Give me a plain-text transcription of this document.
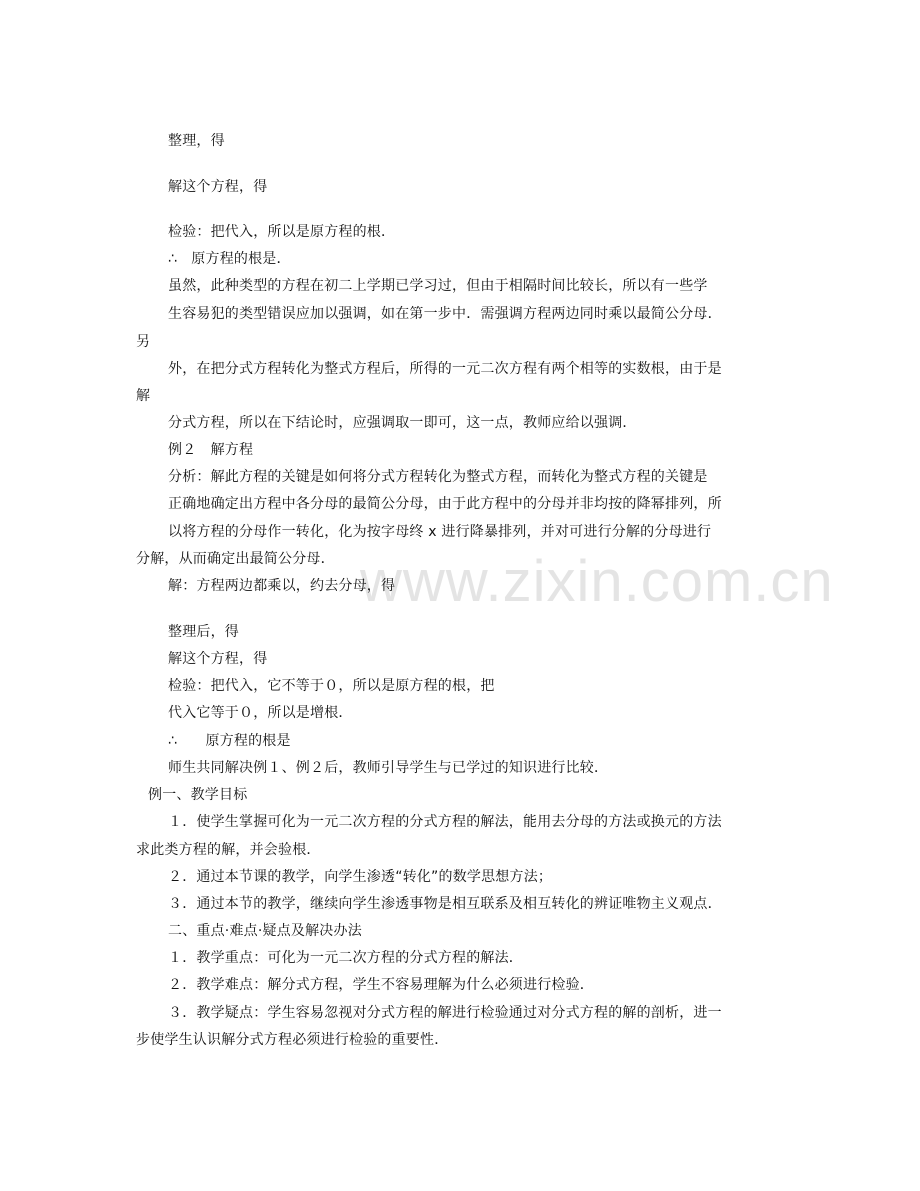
www.zixin.com.cn
整理，得
解这个方程，得
检验：把代入，所以是原方程的根．
∴　原方程的根是．
虽然，此种类型的方程在初二上学期已学习过，但由于相隔时间比较长，所以有一些学
生容易犯的类型错误应加以强调，如在第一步中．需强调方程两边同时乘以最简公分母．
另
外，在把分式方程转化为整式方程后，所得的一元二次方程有两个相等的实数根，由于是
解
分式方程，所以在下结论时，应强调取一即可，这一点，教师应给以强调．
例２　解方程
分析：解此方程的关键是如何将分式方程转化为整式方程，而转化为整式方程的关键是
正确地确定出方程中各分母的最简公分母，由于此方程中的分母并非均按的降幂排列，所
以将方程的分母作一转化，化为按字母终 x 进行降暴排列，并对可进行分解的分母进行
分解，从而确定出最简公分母．
解：方程两边都乘以，约去分母，得
整理后，得
解这个方程，得
检验：把代入，它不等于０，所以是原方程的根，把
代入它等于０，所以是增根．
∴　　原方程的根是
师生共同解决例１、例２后，教师引导学生与已学过的知识进行比较．
例一、教学目标
１．使学生掌握可化为一元二次方程的分式方程的解法，能用去分母的方法或换元的方法
求此类方程的解，并会验根．
２．通过本节课的教学，向学生渗透“转化”的数学思想方法；
３．通过本节的教学，继续向学生渗透事物是相互联系及相互转化的辨证唯物主义观点．
二、重点·难点·疑点及解决办法
１．教学重点：可化为一元二次方程的分式方程的解法．
２．教学难点：解分式方程，学生不容易理解为什么必须进行检验．
３．教学疑点：学生容易忽视对分式方程的解进行检验通过对分式方程的解的剖析，进一
步使学生认识解分式方程必须进行检验的重要性．
